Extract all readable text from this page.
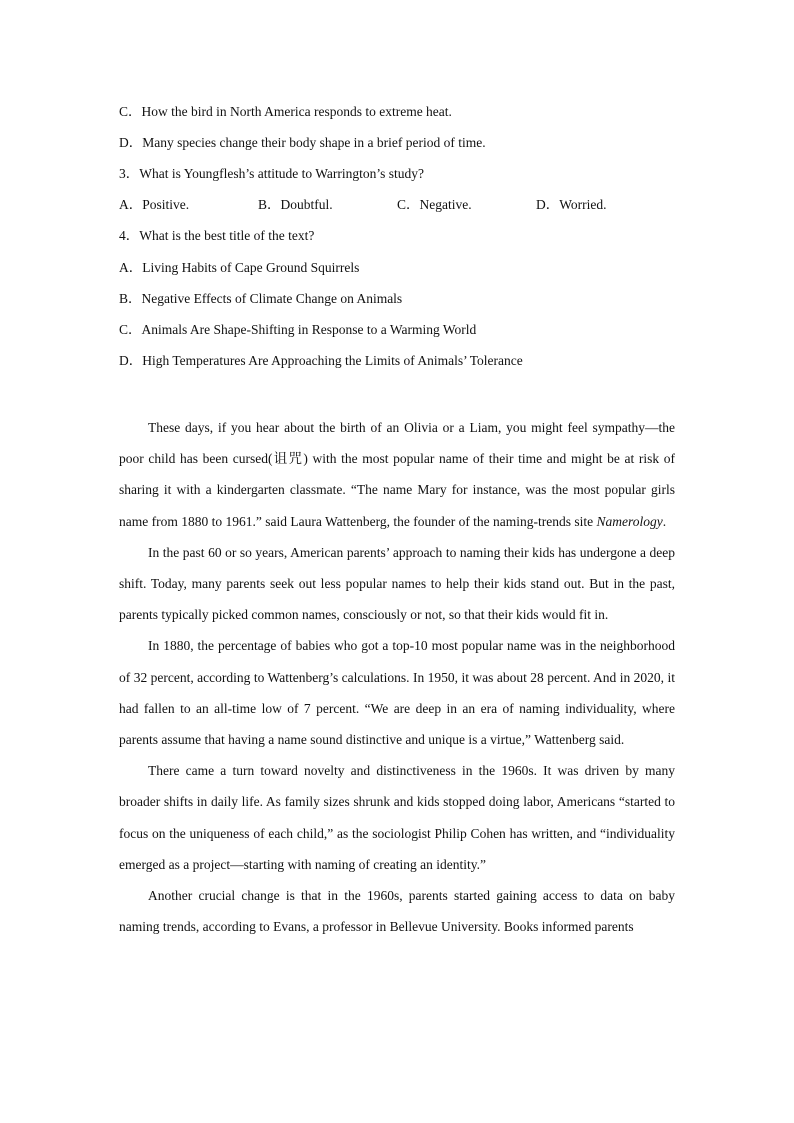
C．How the bird in North America responds to extreme heat.
D．Many species change their body shape in a brief period of time.
3．What is Youngflesh’s attitude to Warrington’s study?
A．Positive.	B．Doubtful.	C．Negative.	D．Worried.
4．What is the best title of the text?
A．Living Habits of Cape Ground Squirrels
B．Negative Effects of Climate Change on Animals
C．Animals Are Shape-Shifting in Response to a Warming World
D．High Temperatures Are Approaching the Limits of Animals’ Tolerance

These days, if you hear about the birth of an Olivia or a Liam, you might feel sympathy—the poor child has been cursed(诅咒) with the most popular name of their time and might be at risk of sharing it with a kindergarten classmate. “The name Mary for instance, was the most popular girls name from 1880 to 1961.” said Laura Wattenberg, the founder of the naming-trends site Namerology.

In the past 60 or so years, American parents’ approach to naming their kids has undergone a deep shift. Today, many parents seek out less popular names to help their kids stand out. But in the past, parents typically picked common names, consciously or not, so that their kids would fit in.

In 1880, the percentage of babies who got a top-10 most popular name was in the neighborhood of 32 percent, according to Wattenberg’s calculations. In 1950, it was about 28 percent. And in 2020, it had fallen to an all-time low of 7 percent. “We are deep in an era of naming individuality, where parents assume that having a name sound distinctive and unique is a virtue,” Wattenberg said.

There came a turn toward novelty and distinctiveness in the 1960s. It was driven by many broader shifts in daily life. As family sizes shrunk and kids stopped doing labor, Americans “started to focus on the uniqueness of each child,” as the sociologist Philip Cohen has written, and “individuality emerged as a project—starting with naming of creating an identity.”

Another crucial change is that in the 1960s, parents started gaining access to data on baby naming trends, according to Evans, a professor in Bellevue University. Books informed parents
